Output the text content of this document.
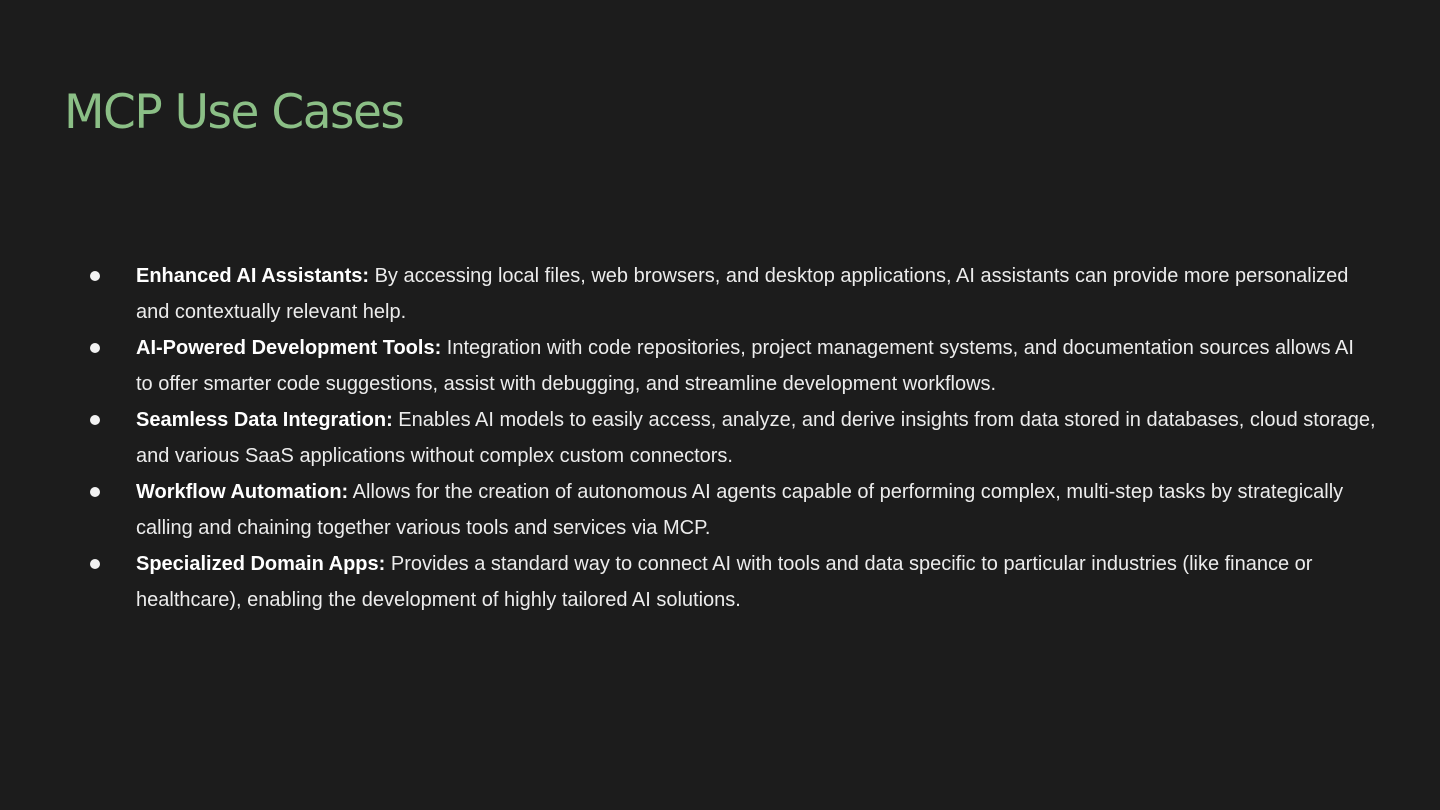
MCP Use Cases
Enhanced AI Assistants: By accessing local files, web browsers, and desktop applications, AI assistants can provide more personalized and contextually relevant help.
AI-Powered Development Tools: Integration with code repositories, project management systems, and documentation sources allows AI to offer smarter code suggestions, assist with debugging, and streamline development workflows.
Seamless Data Integration: Enables AI models to easily access, analyze, and derive insights from data stored in databases, cloud storage, and various SaaS applications without complex custom connectors.
Workflow Automation: Allows for the creation of autonomous AI agents capable of performing complex, multi-step tasks by strategically calling and chaining together various tools and services via MCP.
Specialized Domain Apps: Provides a standard way to connect AI with tools and data specific to particular industries (like finance or healthcare), enabling the development of highly tailored AI solutions.
